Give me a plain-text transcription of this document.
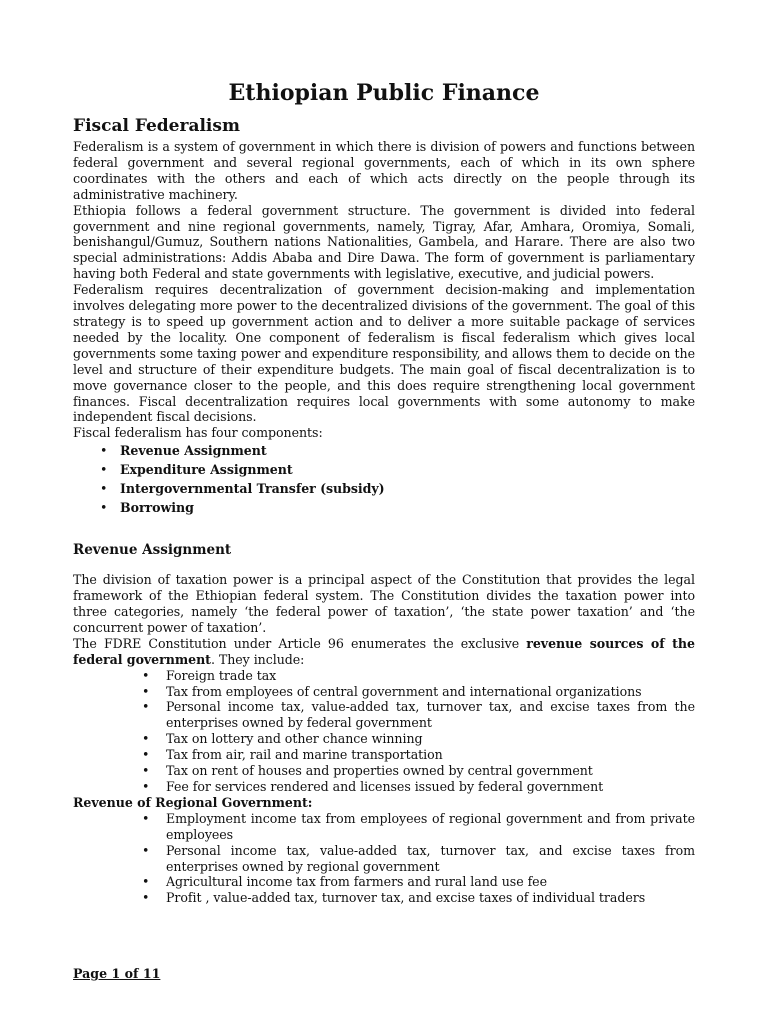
Ethiopian Public Finance
Fiscal Federalism

Federalism is a system of government in which there is division of powers and functions between federal government and several regional governments, each of which in its own sphere coordinates with the others and each of which acts directly on the people through its administrative machinery.

Ethiopia follows a federal government structure. The government is divided into federal government and nine regional governments, namely, Tigray, Afar, Amhara, Oromiya, Somali, benishangul/Gumuz, Southern nations Nationalities, Gambela, and Harare. There are also two special administrations: Addis Ababa and Dire Dawa. The form of government is parliamentary having both Federal and state governments with legislative, executive, and judicial powers.

Federalism requires decentralization of government decision-making and implementation involves delegating more power to the decentralized divisions of the government. The goal of this strategy is to speed up government action and to deliver a more suitable package of services needed by the locality. One component of federalism is fiscal federalism which gives local governments some taxing power and expenditure responsibility, and allows them to decide on the level and structure of their expenditure budgets. The main goal of fiscal decentralization is to move governance closer to the people, and this does require strengthening local government finances. Fiscal decentralization requires local governments with some autonomy to make independent fiscal decisions.

Fiscal federalism has four components:

• Revenue Assignment
• Expenditure Assignment
• Intergovernmental Transfer (subsidy)
• Borrowing
Revenue Assignment

The division of taxation power is a principal aspect of the Constitution that provides the legal framework of the Ethiopian federal system. The Constitution divides the taxation power into three categories, namely ‘the federal power of taxation’, ‘the state power taxation’ and ‘the concurrent power of taxation’.

The FDRE Constitution under Article 96 enumerates the exclusive revenue sources of the federal government. They include:

• Foreign trade tax
• Tax from employees of central government and international organizations
• Personal income tax, value-added tax, turnover tax, and excise taxes from the enterprises owned by federal government
• Tax on lottery and other chance winning
• Tax from air, rail and marine transportation
• Tax on rent of houses and properties owned by central government
• Fee for services rendered and licenses issued by federal government

Revenue of Regional Government:

• Employment income tax from employees of regional government and from private employees
• Personal income tax, value-added tax, turnover tax, and excise taxes from enterprises owned by regional government
• Agricultural income tax from farmers and rural land use fee
• Profit , value-added tax, turnover tax, and excise taxes of individual traders
Page 1 of 11
